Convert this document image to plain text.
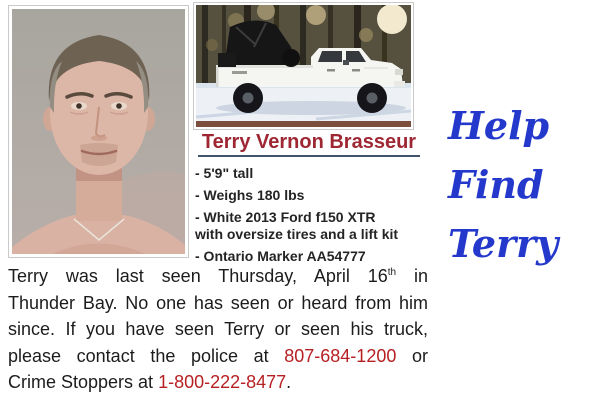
Terry Vernon Brasseur
- 5'9" tall
- Weighs 180 lbs
- White 2013 Ford f150 XTR with oversize tires and a lift kit
- Ontario Marker AA54777
Help
Find
Terry
Terry was last seen Thursday, April 16th in
Thunder Bay. No one has seen or heard from him
since. If you have seen Terry or seen his truck,
please contact the police at 807-684-1200 or
Crime Stoppers at 1-800-222-8477.
